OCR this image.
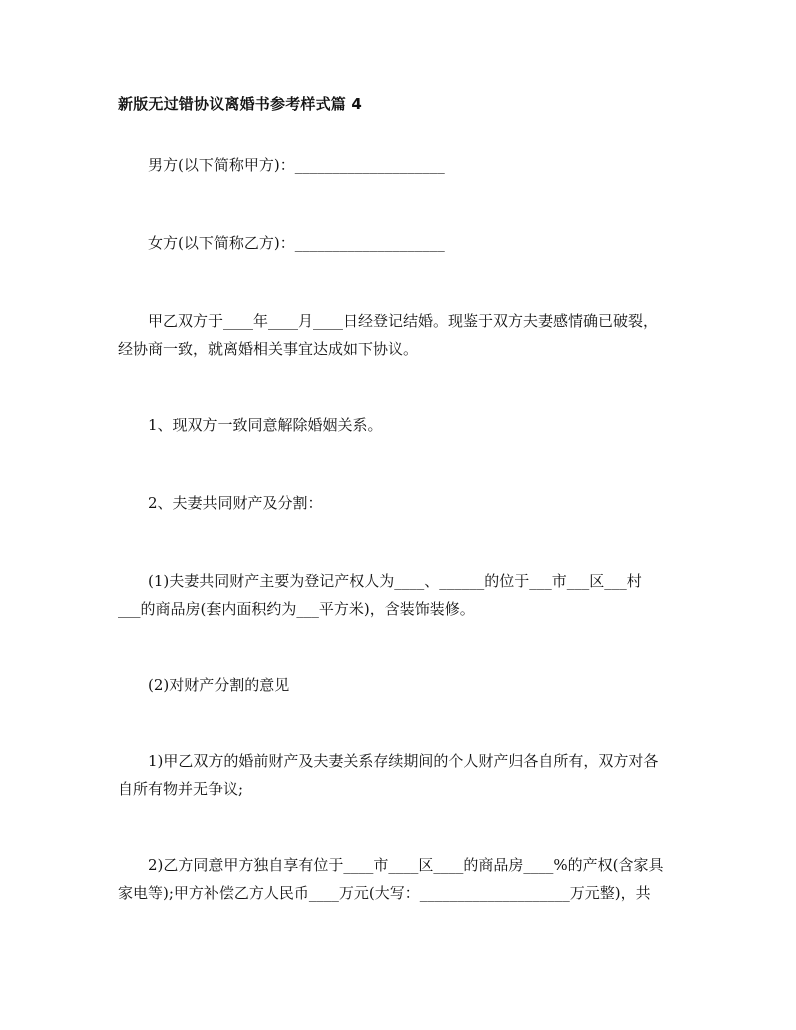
新版无过错协议离婚书参考样式篇 4
男方(以下简称甲方)：____________________
女方(以下简称乙方)：____________________
甲乙双方于____年____月____日经登记结婚。现鉴于双方夫妻感情确已破裂，
经协商一致，就离婚相关事宜达成如下协议。
1、现双方一致同意解除婚姻关系。
2、夫妻共同财产及分割：
(1)夫妻共同财产主要为登记产权人为____、______的位于___市___区___村
___的商品房(套内面积约为___平方米)，含装饰装修。
(2)对财产分割的意见
1)甲乙双方的婚前财产及夫妻关系存续期间的个人财产归各自所有，双方对各
自所有物并无争议;
2)乙方同意甲方独自享有位于____市____区____的商品房____%的产权(含家具
家电等);甲方补偿乙方人民币____万元(大写：____________________万元整)，共
